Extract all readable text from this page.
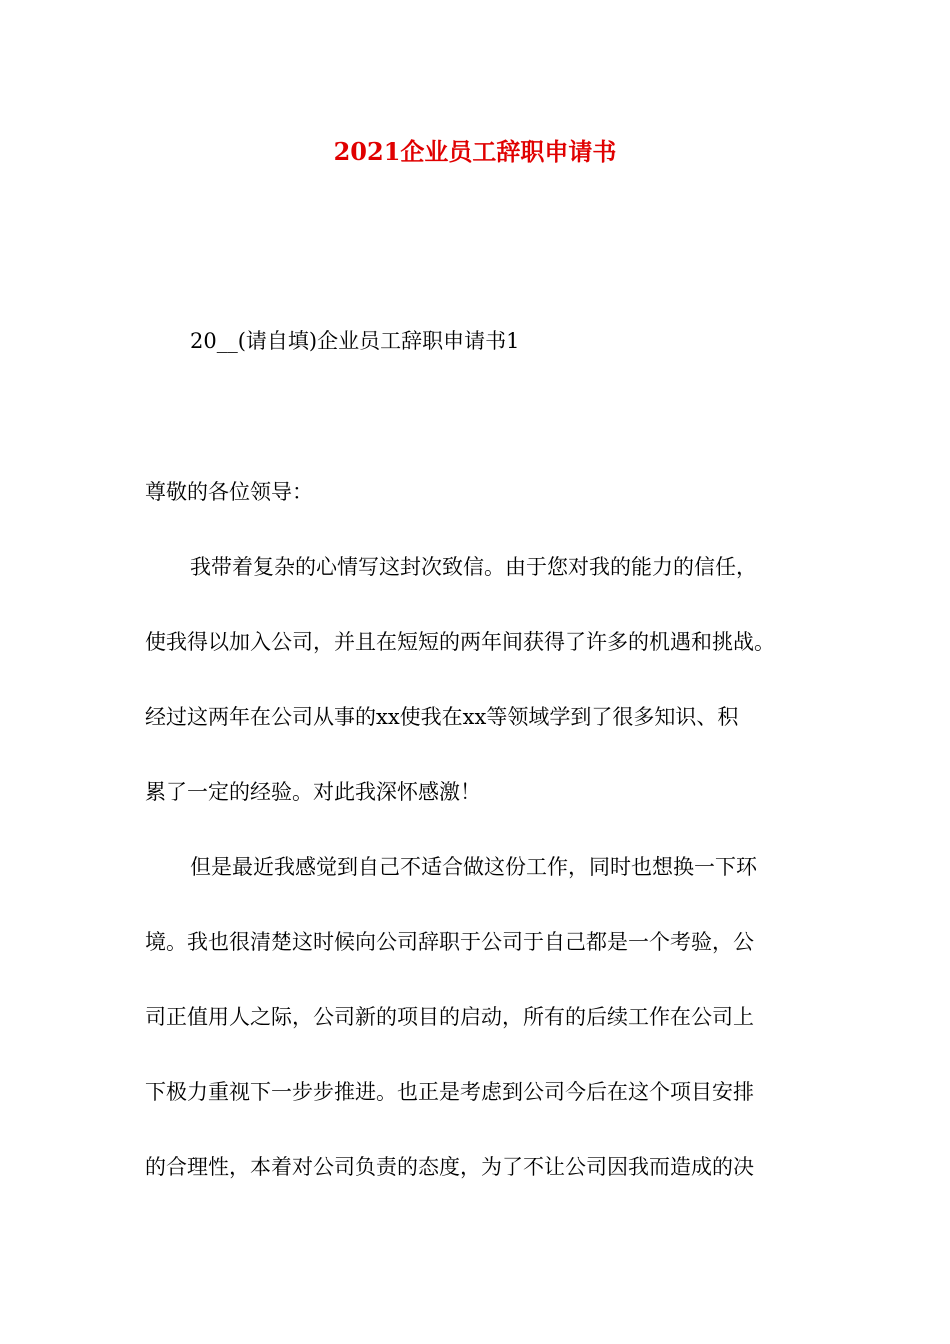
2021企业员工辞职申请书

20__(请自填)企业员工辞职申请书1

尊敬的各位领导：

我带着复杂的心情写这封次致信。由于您对我的能力的信任，

使我得以加入公司，并且在短短的两年间获得了许多的机遇和挑战。

经过这两年在公司从事的xx使我在xx等领域学到了很多知识、积

累了一定的经验。对此我深怀感激！

但是最近我感觉到自己不适合做这份工作，同时也想换一下环

境。我也很清楚这时候向公司辞职于公司于自己都是一个考验，公

司正值用人之际，公司新的项目的启动，所有的后续工作在公司上

下极力重视下一步步推进。也正是考虑到公司今后在这个项目安排

的合理性，本着对公司负责的态度，为了不让公司因我而造成的决
